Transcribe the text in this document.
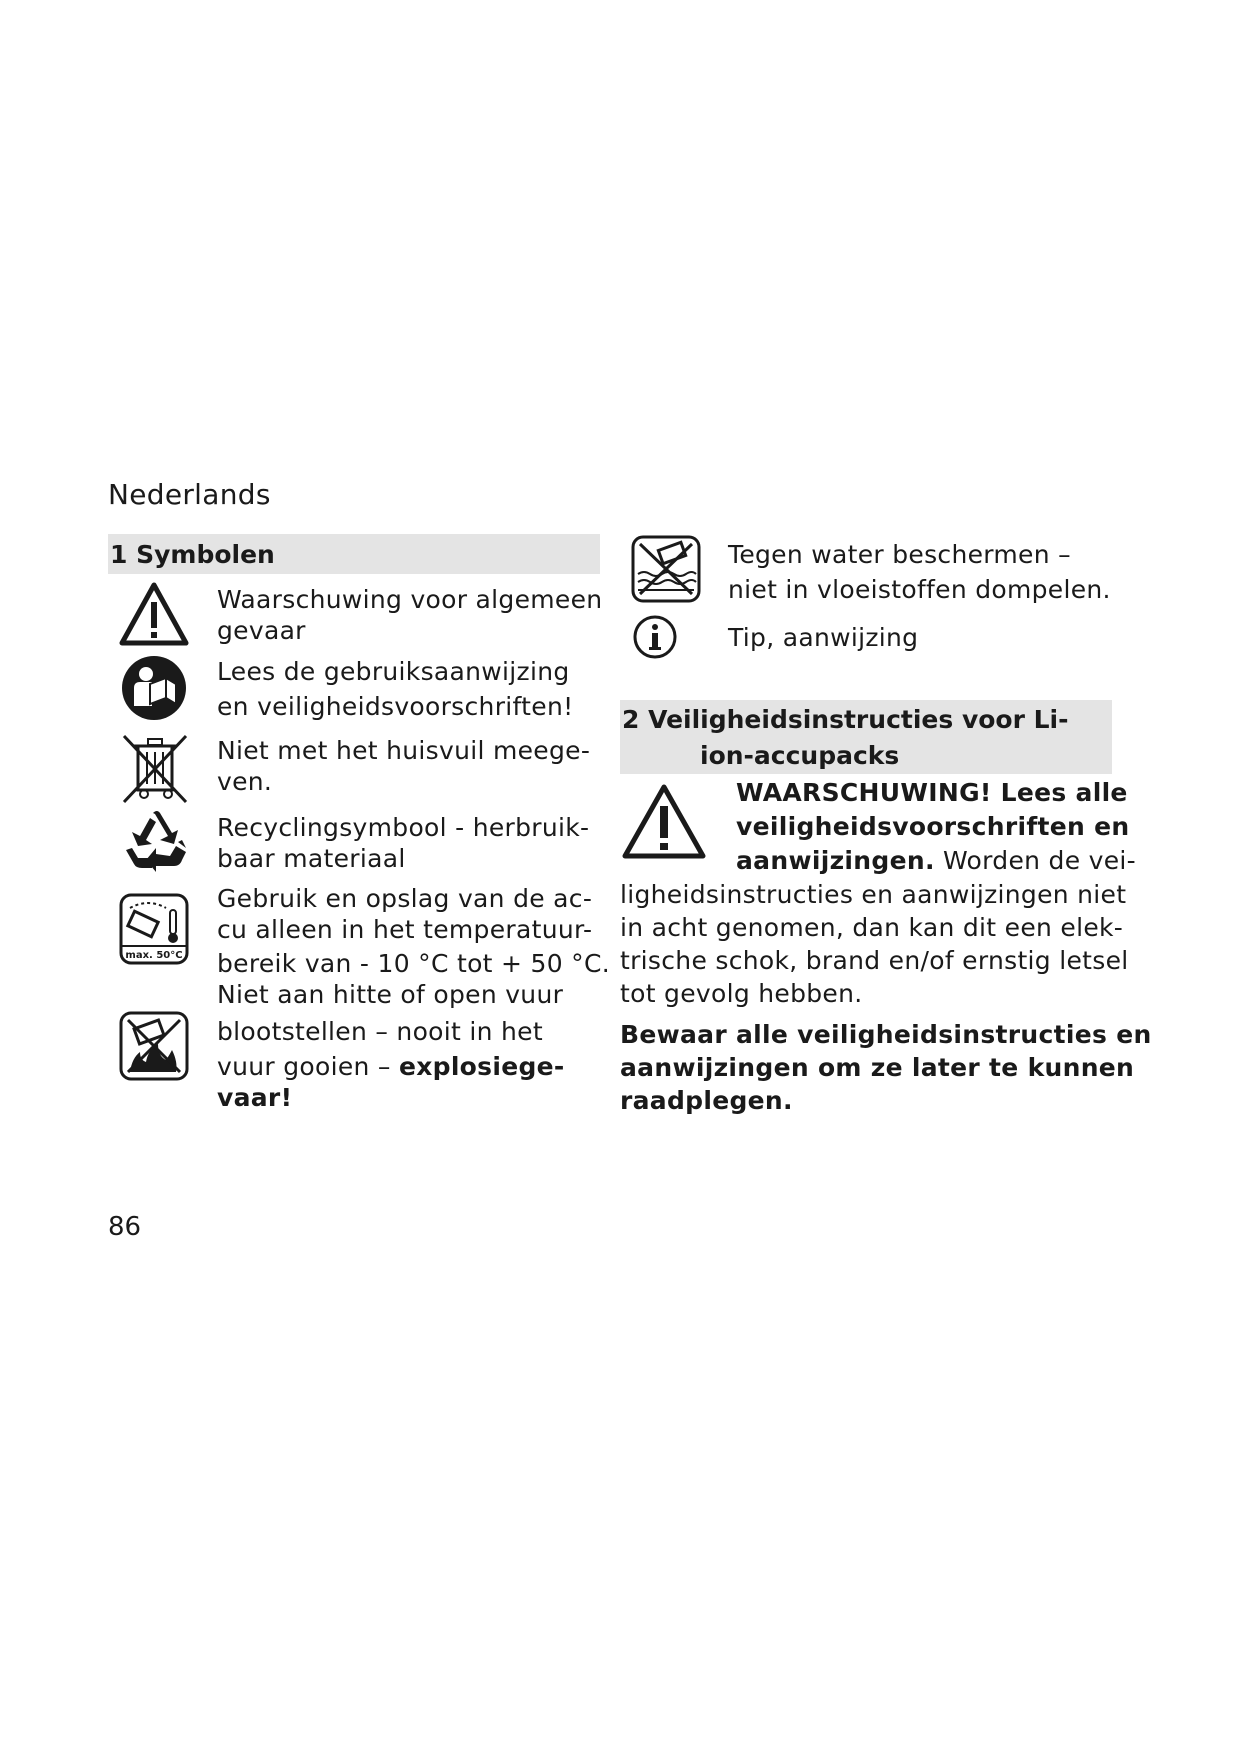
Nederlands
1 Symbolen
Waarschuwing voor algemeen
gevaar
Lees de gebruiksaanwijzing
en veiligheidsvoorschriften!
Niet met het huisvuil meege-
ven.
Recyclingsymbool - herbruik-
baar materiaal
max. 50°C
Gebruik en opslag van de ac-
cu alleen in het temperatuur-
bereik van - 10 °C tot + 50 °C.
Niet aan hitte of open vuur
blootstellen – nooit in het
vuur gooien – explosiege-
vaar!
Tegen water beschermen –
niet in vloeistoffen dompelen.
Tip, aanwijzing
2 Veiligheidsinstructies voor Li-
ion-accupacks
WAARSCHUWING! Lees alle
veiligheidsvoorschriften en
aanwijzingen. Worden de vei-
ligheidsinstructies en aanwijzingen niet
in acht genomen, dan kan dit een elek-
trische schok, brand en/of ernstig letsel
tot gevolg hebben.
Bewaar alle veiligheidsinstructies en
aanwijzingen om ze later te kunnen
raadplegen.
86
